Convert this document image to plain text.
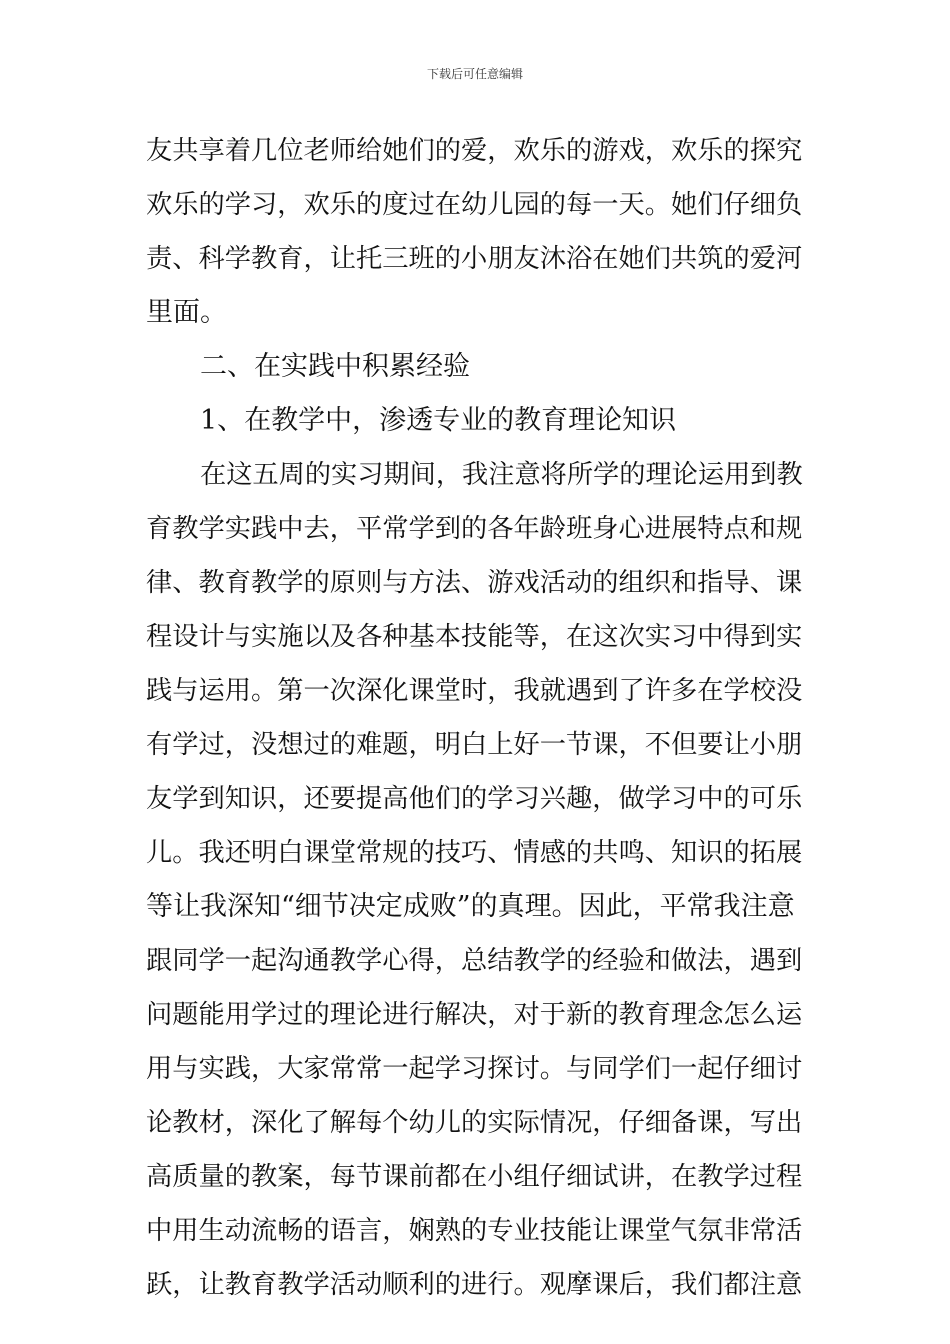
下载后可任意编辑
友共享着几位老师给她们的爱，欢乐的游戏，欢乐的探究
欢乐的学习，欢乐的度过在幼儿园的每一天。她们仔细负
责、科学教育，让托三班的小朋友沐浴在她们共筑的爱河
里面。
二、在实践中积累经验
1、在教学中，渗透专业的教育理论知识
在这五周的实习期间，我注意将所学的理论运用到教
育教学实践中去，平常学到的各年龄班身心进展特点和规
律、教育教学的原则与方法、游戏活动的组织和指导、课
程设计与实施以及各种基本技能等，在这次实习中得到实
践与运用。第一次深化课堂时，我就遇到了许多在学校没
有学过，没想过的难题，明白上好一节课，不但要让小朋
友学到知识，还要提高他们的学习兴趣，做学习中的可乐
儿。我还明白课堂常规的技巧、情感的共鸣、知识的拓展
等让我深知“细节决定成败”的真理。因此，平常我注意
跟同学一起沟通教学心得，总结教学的经验和做法，遇到
问题能用学过的理论进行解决，对于新的教育理念怎么运
用与实践，大家常常一起学习探讨。与同学们一起仔细讨
论教材，深化了解每个幼儿的实际情况，仔细备课，写出
高质量的教案，每节课前都在小组仔细试讲，在教学过程
中用生动流畅的语言，娴熟的专业技能让课堂气氛非常活
跃，让教育教学活动顺利的进行。观摩课后，我们都注意
